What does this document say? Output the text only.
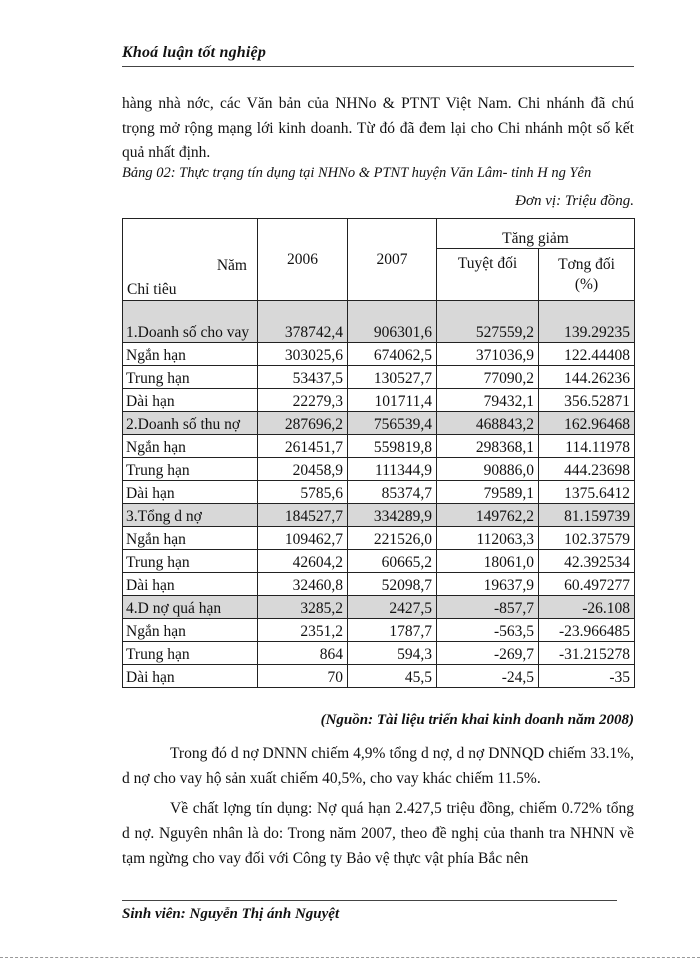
Khoá luận tốt nghiệp
hàng nhà nớc, các Văn bản của NHNo & PTNT Việt Nam. Chi nhánh đã chú trọng mở rộng mạng lới kinh doanh. Từ đó đã đem lại cho Chi nhánh một số kết quả nhất định.
Bảng 02: Thực trạng tín dụng tại NHNo & PTNT huyện Văn Lâm- tỉnh H ng Yên
Đơn vị: Triệu đồng.
Năm
Chỉ tiêu	2006	2007	Tăng giảm	
			Tuyệt đối	Tơng đối
(%)
1.Doanh số cho vay	378742,4	906301,6	527559,2	139.29235
Ngắn hạn	303025,6	674062,5	371036,9	122.44408
Trung hạn	53437,5	130527,7	77090,2	144.26236
Dài hạn	22279,3	101711,4	79432,1	356.52871
2.Doanh số thu nợ	287696,2	756539,4	468843,2	162.96468
Ngắn hạn	261451,7	559819,8	298368,1	114.11978
Trung hạn	20458,9	111344,9	90886,0	444.23698
Dài hạn	5785,6	85374,7	79589,1	1375.6412
3.Tổng d nợ	184527,7	334289,9	149762,2	81.159739
Ngắn hạn	109462,7	221526,0	112063,3	102.37579
Trung hạn	42604,2	60665,2	18061,0	42.392534
Dài hạn	32460,8	52098,7	19637,9	60.497277
4.D nợ quá hạn	3285,2	2427,5	-857,7	-26.108
Ngắn hạn	2351,2	1787,7	-563,5	-23.966485
Trung hạn	864	594,3	-269,7	-31.215278
Dài hạn	70	45,5	-24,5	-35
(Nguồn: Tài liệu triển khai kinh doanh năm 2008)
Trong đó d nợ DNNN chiếm 4,9% tổng d nợ, d nợ DNNQD chiếm 33.1%, d nợ cho vay hộ sản xuất chiếm 40,5%, cho vay khác chiếm 11.5%.
Về chất lợng tín dụng: Nợ quá hạn 2.427,5 triệu đồng, chiếm 0.72% tổng d nợ. Nguyên nhân là do: Trong năm 2007, theo đề nghị của thanh tra NHNN về tạm ngừng cho vay đối với Công ty Bảo vệ thực vật phía Bắc nên
Sinh viên: Nguyễn Thị ánh Nguyệt
